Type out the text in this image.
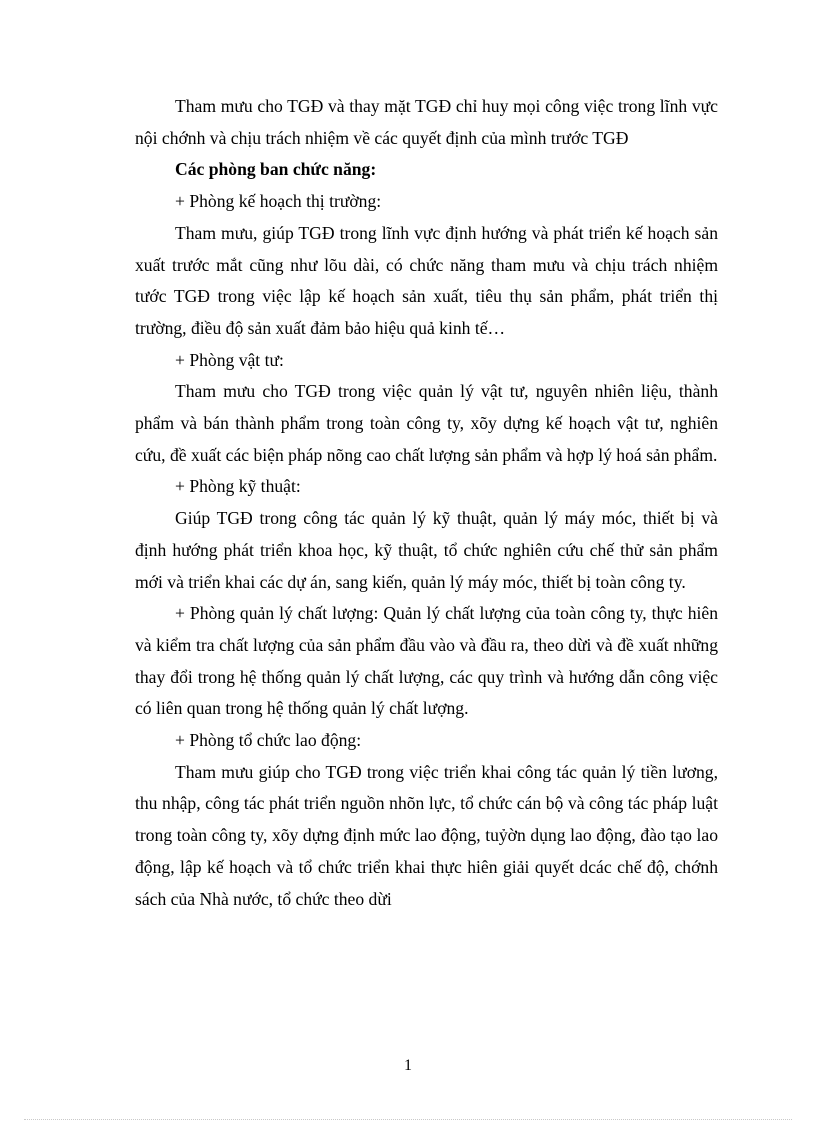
Tham mưu cho TGĐ và thay mặt TGĐ chỉ huy mọi công việc trong lĩnh vực nội chớnh và chịu trách nhiệm về các quyết định của mình trước TGĐ

Các phòng ban chức năng:

+ Phòng kế hoạch thị trường:

Tham mưu, giúp TGĐ trong lĩnh vực định hướng và phát triển kế hoạch sản xuất trước mắt cũng như lõu dài, có chức năng tham mưu và chịu trách nhiệm tước TGĐ trong việc lập kế hoạch sản xuất, tiêu thụ sản phẩm, phát triển thị trường, điều độ sản xuất đảm bảo hiệu quả kinh tế…

+ Phòng vật tư:

Tham mưu cho TGĐ trong việc quản lý vật tư, nguyên nhiên liệu, thành phẩm và bán thành phẩm trong toàn công ty, xõy dựng kế hoạch vật tư, nghiên cứu, đề xuất các biện pháp nõng cao chất lượng sản phẩm và hợp lý hoá sản phẩm.

+ Phòng kỹ thuật:

Giúp TGĐ trong công tác quản lý kỹ thuật, quản lý máy móc, thiết bị và định hướng phát triển khoa học, kỹ thuật, tổ chức nghiên cứu chế thử sản phẩm mới và triển khai các dự án, sang kiến, quản lý máy móc, thiết bị toàn công ty.

+ Phòng quản lý chất lượng: Quản lý chất lượng của toàn công ty, thực hiên và kiểm tra chất lượng của sản phẩm đầu vào và đầu ra, theo dừi và đề xuất những thay đổi trong hệ thống quản lý chất lượng, các quy trình và hướng dẫn công việc có liên quan trong hệ thống quản lý chất lượng.

+ Phòng tổ chức lao động:

Tham mưu giúp cho TGĐ trong việc triển khai công tác quản lý tiền lương, thu nhập, công tác phát triển nguồn nhõn lực, tổ chức cán bộ và công tác pháp luật trong toàn công ty, xõy dựng định mức lao động, tuỷờn dụng lao động, đào tạo lao động, lập kế hoạch và tổ chức triển khai thực hiên giải quyết dcác chế độ, chớnh sách của Nhà nước, tổ chức theo dừi

1
